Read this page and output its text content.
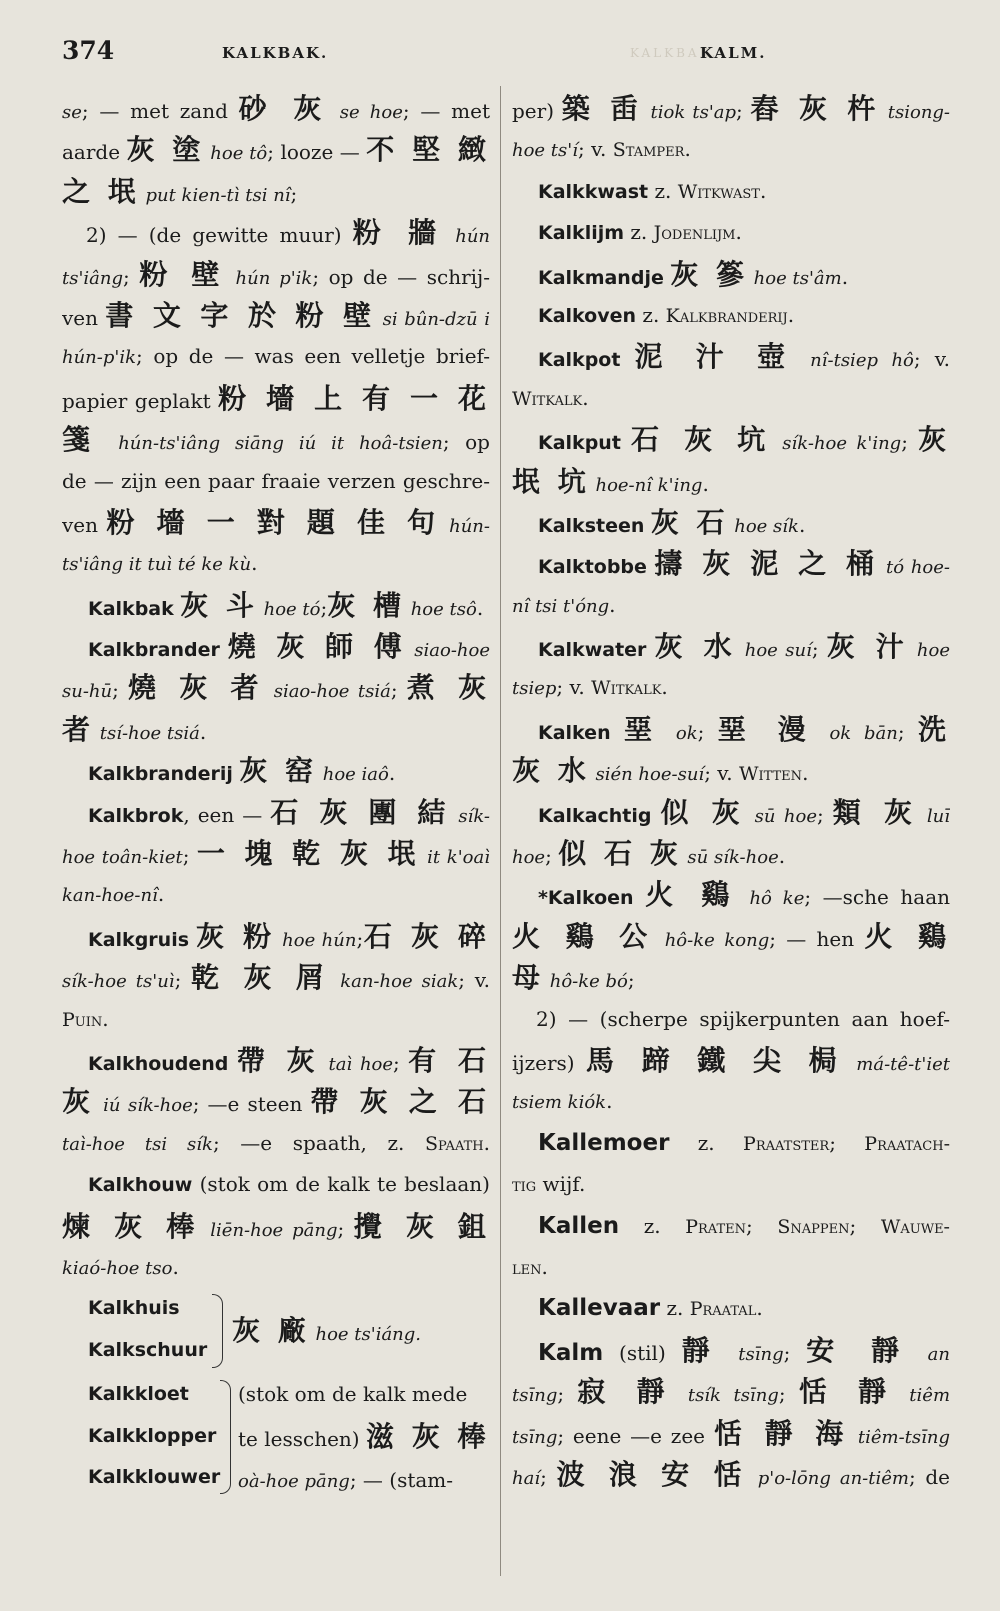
374	KALKBAK.	KALKBAK.
KALM.
se; — met zand 砂 灰 se hoe; — met
aarde 灰 塗 hoe tô; looze — 不 堅 緻
之 垊 put kien-tì tsi nî;
2) — (de gewitte muur) 粉 牆 hún
ts'iâng; 粉 壁 hún p'ik; op de — schrij-
ven 書 文 字 於 粉 壁 si bûn-dzū i
hún-p'ik; op de — was een velletje brief-
papier geplakt 粉 墻 上 有 一 花
箋 hún-ts'iâng siāng iú it hoâ-tsien; op
de — zijn een paar fraaie verzen geschre-
ven 粉 墻 一 對 題 佳 句 hún-
ts'iâng it tuì té ke kù.
Kalkbak 灰 斗 hoe tó;灰 槽 hoe tsô.
Kalkbrander 燒 灰 師 傅 siao-hoe
su-hū; 燒 灰 者 siao-hoe tsiá; 煮 灰
者 tsí-hoe tsiá.
Kalkbranderij 灰 窑 hoe iaô.
Kalkbrok, een — 石 灰 團 結 sík-
hoe toân-kiet; 一 塊 乾 灰 垊 it k'oaì
kan-hoe-nî.
Kalkgruis 灰 粉 hoe hún;石 灰 碎
sík-hoe ts'uì; 乾 灰 屑 kan-hoe siak; v.
Puin.
Kalkhoudend 帶 灰 taì hoe; 有 石
灰 iú sík-hoe; —e steen 帶 灰 之 石
taì-hoe tsi sík; —e spaath, z. Spaath.
Kalkhouw (stok om de kalk te beslaan)
煉 灰 棒 liēn-hoe pāng; 攪 灰 鉏
kiaó-hoe tso.
Kalkhuis
Kalkschuur
灰 廠 hoe ts'iáng.
Kalkkloet
Kalkklopper
Kalkklouwer
(stok om de kalk mede
te lesschen) 滋 灰 棒
oà-hoe pāng; — (stam-
per) 築 臿 tiok ts'ap; 舂 灰 杵 tsiong-
hoe ts'í; v. Stamper.
Kalkkwast z. Witkwast.
Kalklijm z. Jodenlijm.
Kalkmandje 灰 篸 hoe ts'âm.
Kalkoven z. Kalkbranderij.
Kalkpot 泥 汁 壺 nî-tsiep hô; v.
Witkalk.
Kalkput 石 灰 坑 sík-hoe k'ing; 灰
垊 坑 hoe-nî k'ing.
Kalksteen 灰 石 hoe sík.
Kalktobbe 擣 灰 泥 之 桶 tó hoe-
nî tsi t'óng.
Kalkwater 灰 水 hoe suí; 灰 汁 hoe
tsiep; v. Witkalk.
Kalken 堊 ok; 堊 漫 ok bān; 洗
灰 水 sién hoe-suí; v. Witten.
Kalkachtig 似 灰 sū hoe; 類 灰 luī
hoe; 似 石 灰 sū sík-hoe.
*Kalkoen 火 鷄 hô ke; —sche haan
火 鷄 公 hô-ke kong; — hen 火 鷄
母 hô-ke bó;
2) — (scherpe spijkerpunten aan hoef-
ijzers) 馬 蹄 鐵 尖 梮 má-tê-t'iet
tsiem kiók.
Kallemoer z. Praatster; Praatach-
tig wijf.
Kallen z. Praten; Snappen; Wauwe-
len.
Kallevaar z. Praatal.
Kalm (stil) 靜 tsīng; 安 靜 an
tsīng; 寂 靜 tsík tsīng; 恬 靜 tiêm
tsīng; eene —e zee 恬 靜 海 tiêm-tsīng
haí; 波 浪 安 恬 p'o-lōng an-tiêm; de
